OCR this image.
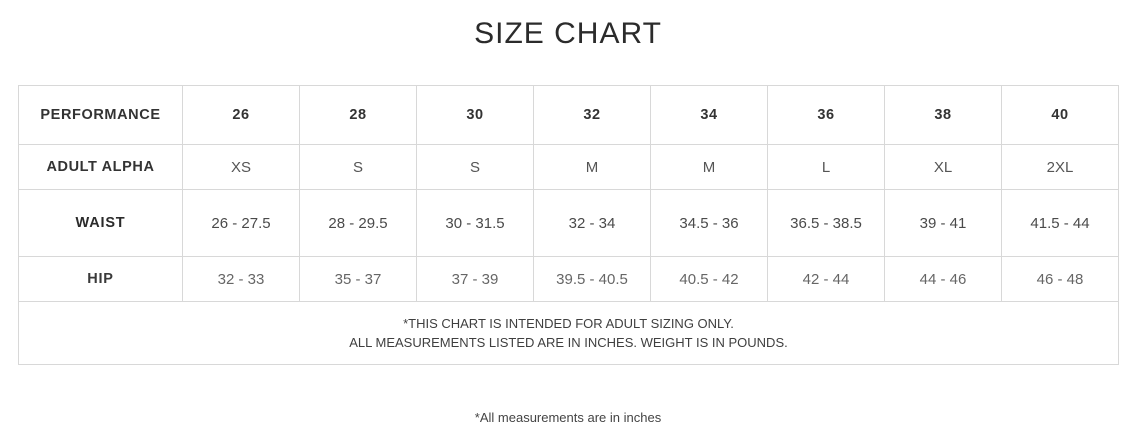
SIZE CHART
PERFORMANCE	26	28	30	32	34	36	38	40
ADULT ALPHA	XS	S	S	M	M	L	XL	2XL
WAIST	26 - 27.5	28 - 29.5	30 - 31.5	32 - 34	34.5 - 36	36.5 - 38.5	39 - 41	41.5 - 44
HIP	32 - 33	35 - 37	37 - 39	39.5 - 40.5	40.5 - 42	42 - 44	44 - 46	46 - 48

*THIS CHART IS INTENDED FOR ADULT SIZING ONLY.
ALL MEASUREMENTS LISTED ARE IN INCHES. WEIGHT IS IN POUNDS.								
*All measurements are in inches
